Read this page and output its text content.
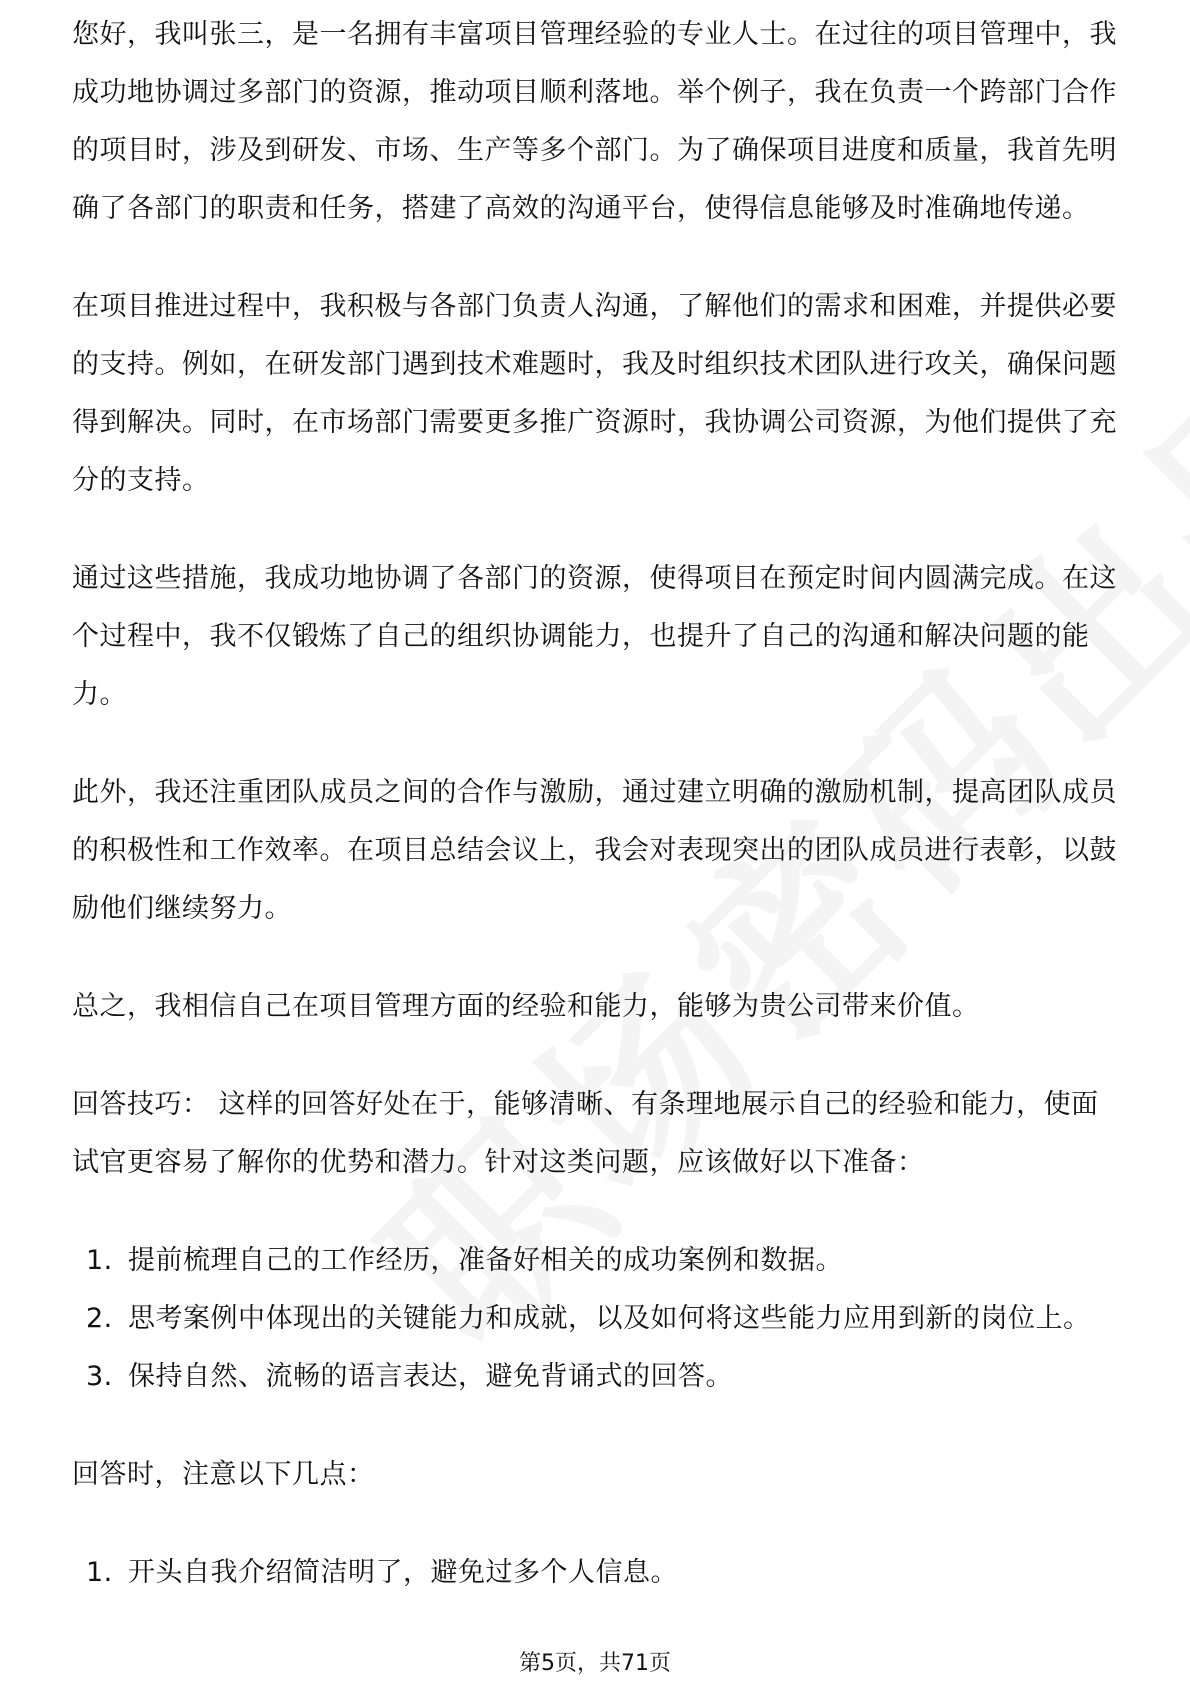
您好，我叫张三，是一名拥有丰富项目管理经验的专业人士。在过往的项目管理中，我成功地协调过多部门的资源，推动项目顺利落地。举个例子，我在负责一个跨部门合作的项目时，涉及到研发、市场、生产等多个部门。为了确保项目进度和质量，我首先明确了各部门的职责和任务，搭建了高效的沟通平台，使得信息能够及时准确地传递。

在项目推进过程中，我积极与各部门负责人沟通，了解他们的需求和困难，并提供必要的支持。例如，在研发部门遇到技术难题时，我及时组织技术团队进行攻关，确保问题得到解决。同时，在市场部门需要更多推广资源时，我协调公司资源，为他们提供了充分的支持。

通过这些措施，我成功地协调了各部门的资源，使得项目在预定时间内圆满完成。在这个过程中，我不仅锻炼了自己的组织协调能力，也提升了自己的沟通和解决问题的能力。

此外，我还注重团队成员之间的合作与激励，通过建立明确的激励机制，提高团队成员的积极性和工作效率。在项目总结会议上，我会对表现突出的团队成员进行表彰，以鼓励他们继续努力。

总之，我相信自己在项目管理方面的经验和能力，能够为贵公司带来价值。

回答技巧： 这样的回答好处在于，能够清晰、有条理地展示自己的经验和能力，使面试官更容易了解你的优势和潜力。针对这类问题，应该做好以下准备：

1. 提前梳理自己的工作经历，准备好相关的成功案例和数据。
2. 思考案例中体现出的关键能力和成就，以及如何将这些能力应用到新的岗位上。
3. 保持自然、流畅的语言表达，避免背诵式的回答。

回答时，注意以下几点：

1. 开头自我介绍简洁明了，避免过多个人信息。
第5页，共71页
